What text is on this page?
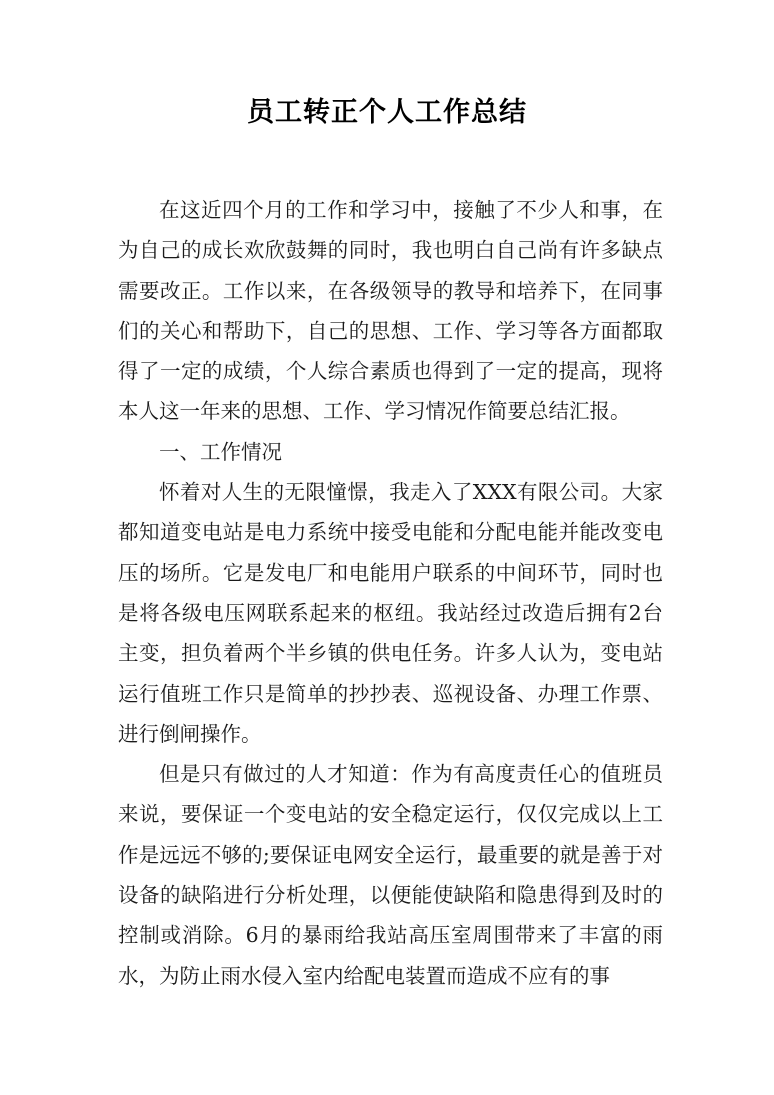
员工转正个人工作总结

在这近四个月的工作和学习中，接触了不少人和事，在为自己的成长欢欣鼓舞的同时，我也明白自己尚有许多缺点需要改正。工作以来，在各级领导的教导和培养下，在同事们的关心和帮助下，自己的思想、工作、学习等各方面都取得了一定的成绩，个人综合素质也得到了一定的提高，现将本人这一年来的思想、工作、学习情况作简要总结汇报。

一、工作情况

怀着对人生的无限憧憬，我走入了XXX有限公司。大家都知道变电站是电力系统中接受电能和分配电能并能改变电压的场所。它是发电厂和电能用户联系的中间环节，同时也是将各级电压网联系起来的枢纽。我站经过改造后拥有2台主变，担负着两个半乡镇的供电任务。许多人认为，变电站运行值班工作只是简单的抄抄表、巡视设备、办理工作票、进行倒闸操作。

但是只有做过的人才知道：作为有高度责任心的值班员来说，要保证一个变电站的安全稳定运行，仅仅完成以上工作是远远不够的;要保证电网安全运行，最重要的就是善于对设备的缺陷进行分析处理，以便能使缺陷和隐患得到及时的控制或消除。6月的暴雨给我站高压室周围带来了丰富的雨水，为防止雨水侵入室内给配电装置而造成不应有的事
